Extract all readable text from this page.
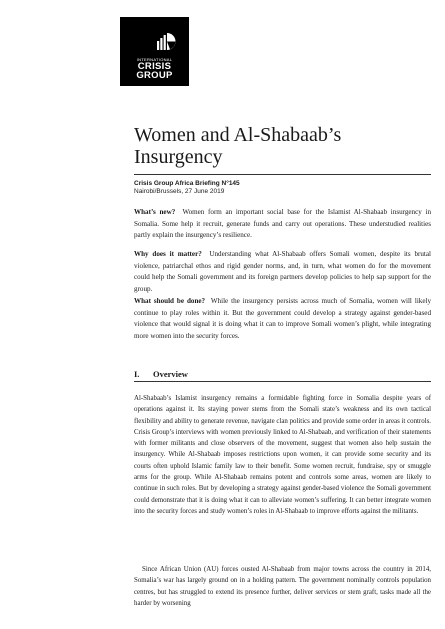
INTERNATIONAL
CRISIS
GROUP
Women and Al-Shabaab’s Insurgency

Crisis Group Africa Briefing N°145

Nairobi/Brussels, 27 June 2019

What’s new? Women form an important social base for the Islamist Al-Shabaab insurgency in Somalia. Some help it recruit, generate funds and carry out operations. These understudied realities partly explain the insurgency’s resilience.

Why does it matter? Understanding what Al-Shabaab offers Somali women, despite its brutal violence, patriarchal ethos and rigid gender norms, and, in turn, what women do for the movement could help the Somali government and its foreign partners develop policies to help sap support for the group.

What should be done? While the insurgency persists across much of Somalia, women will likely continue to play roles within it. But the government could develop a strategy against gender-based violence that would signal it is doing what it can to improve Somali women’s plight, while integrating more women into the security forces.

I. Overview

Al-Shabaab’s Islamist insurgency remains a formidable fighting force in Somalia despite years of operations against it. Its staying power stems from the Somali state’s weakness and its own tactical flexibility and ability to generate revenue, navigate clan politics and provide some order in areas it controls. Crisis Group’s interviews with women previously linked to Al-Shabaab, and verification of their statements with former militants and close observers of the movement, suggest that women also help sustain the insurgency. While Al-Shabaab imposes restrictions upon women, it can provide some security and its courts often uphold Islamic family law to their benefit. Some women recruit, fundraise, spy or smuggle arms for the group. While Al-Shabaab remains potent and controls some areas, women are likely to continue in such roles. But by developing a strategy against gender-based violence the Somali government could demonstrate that it is doing what it can to alleviate women’s suffering. It can better integrate women into the security forces and study women’s roles in Al-Shabaab to improve efforts against the militants.

Since African Union (AU) forces ousted Al-Shabaab from major towns across the country in 2014, Somalia’s war has largely ground on in a holding pattern. The government nominally controls population centres, but has struggled to extend its presence further, deliver services or stem graft, tasks made all the harder by worsening
